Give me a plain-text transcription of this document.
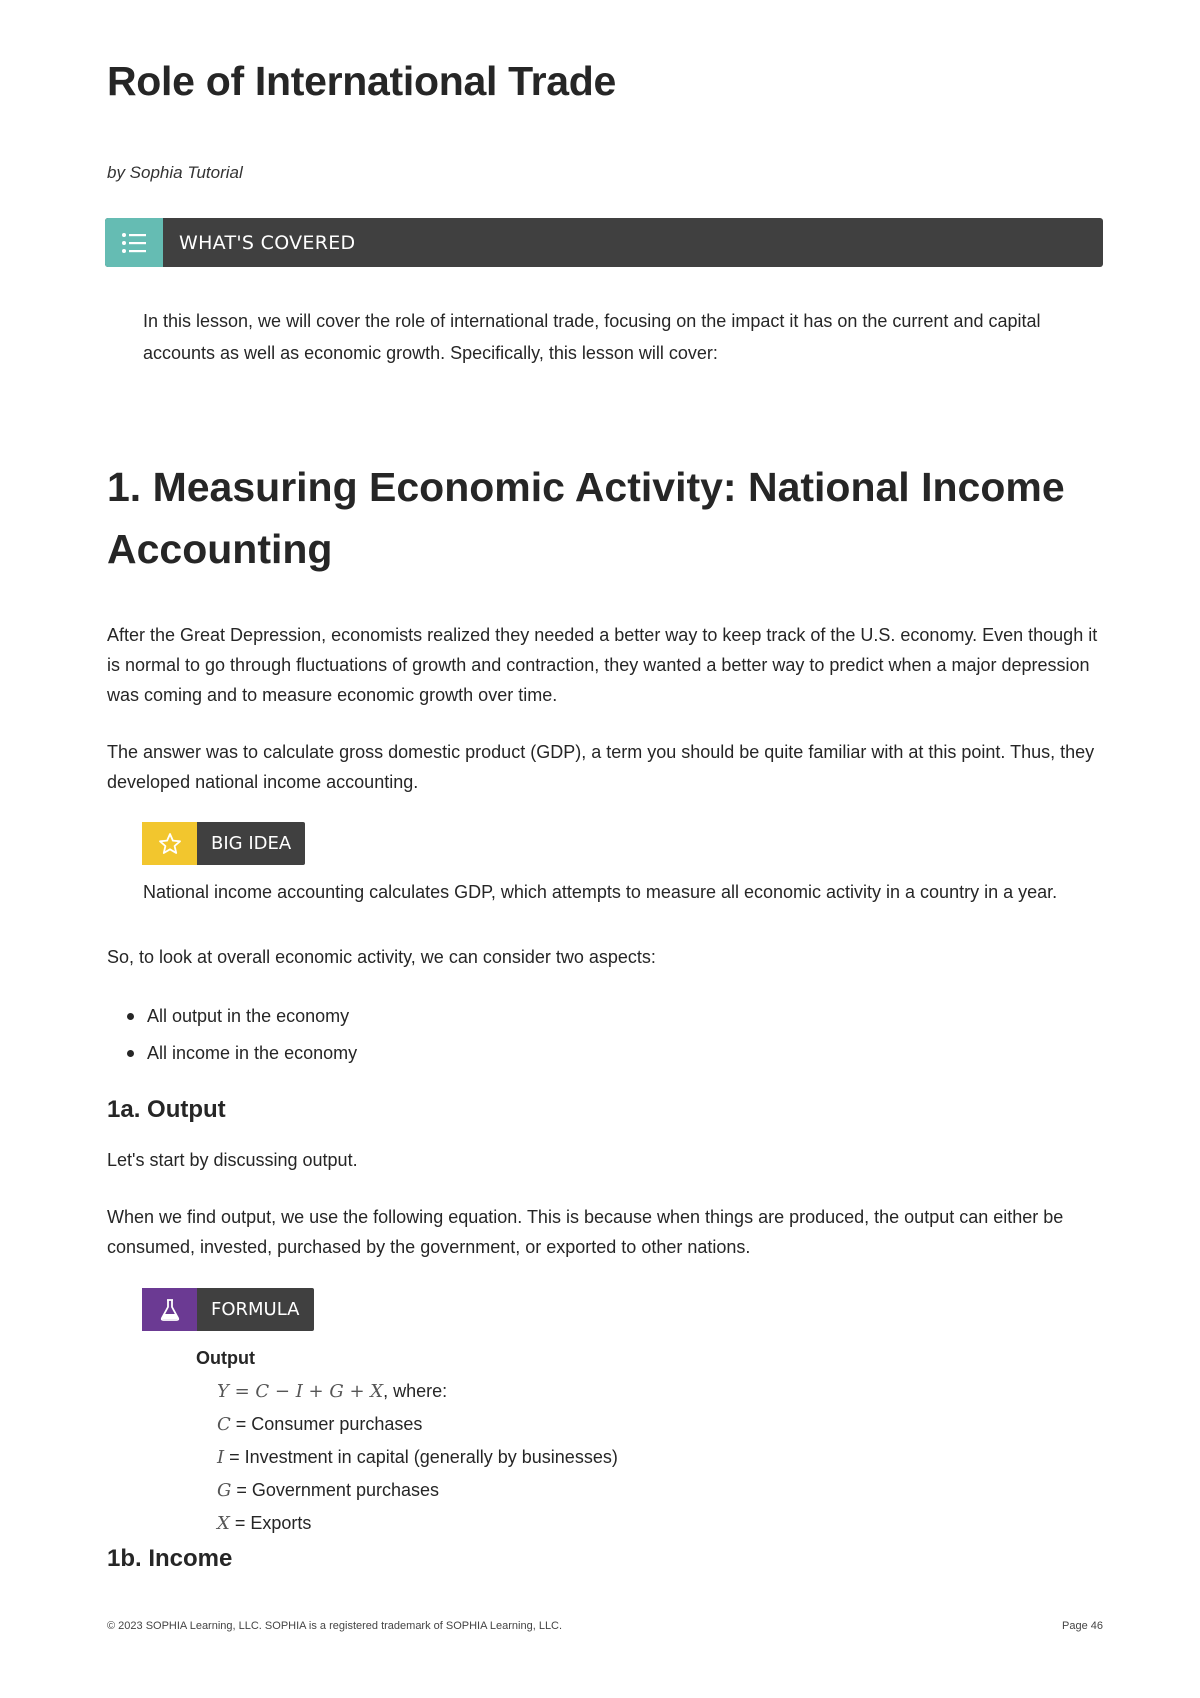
Role of International Trade
by Sophia Tutorial
WHAT'S COVERED

In this lesson, we will cover the role of international trade, focusing on the impact it has on the current and capital accounts as well as economic growth. Specifically, this lesson will cover:

1. Measuring Economic Activity: National Income Accounting

After the Great Depression, economists realized they needed a better way to keep track of the U.S. economy. Even though it is normal to go through fluctuations of growth and contraction, they wanted a better way to predict when a major depression was coming and to measure economic growth over time.

The answer was to calculate gross domestic product (GDP), a term you should be quite familiar with at this point. Thus, they developed national income accounting.

BIG IDEA

National income accounting calculates GDP, which attempts to measure all economic activity in a country in a year.

So, to look at overall economic activity, we can consider two aspects:

All output in the economy
All income in the economy
1a. Output

Let's start by discussing output.

When we find output, we use the following equation. This is because when things are produced, the output can either be consumed, invested, purchased by the government, or exported to other nations.

FORMULA
Output
Y = C − I + G + X, where:
C = Consumer purchases
I = Investment in capital (generally by businesses)
G = Government purchases
X = Exports
1b. Income
© 2023 SOPHIA Learning, LLC. SOPHIA is a registered trademark of SOPHIA Learning, LLC.	Page 46
